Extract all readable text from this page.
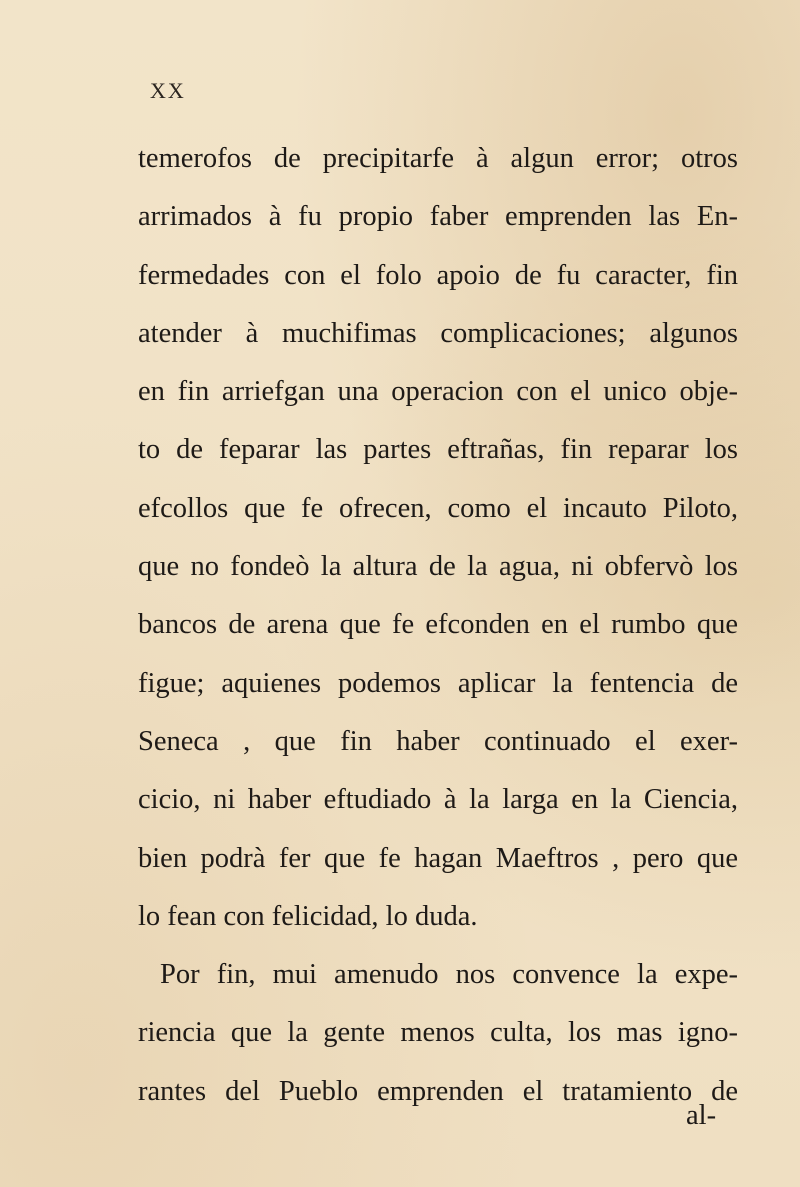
XX
temerofos de precipitarfe à algun error; otros
arrimados à fu propio faber emprenden las En-
fermedades con el folo apoio de fu caracter, fin
atender à muchifimas complicaciones; algunos
en fin arriefgan una operacion con el unico obje-
to de feparar las partes eftrañas, fin reparar los
efcollos que fe ofrecen, como el incauto Piloto,
que no fondeò la altura de la agua, ni obfervò los
bancos de arena que fe efconden en el rumbo que
figue; aquienes podemos aplicar la fentencia de
Seneca , que fin haber continuado el exer-
cicio, ni haber eftudiado à la larga en la Ciencia,
bien podrà fer que fe hagan Maeftros , pero que
lo fean con felicidad, lo duda.
Por fin, mui amenudo nos convence la expe-
riencia que la gente menos culta, los mas igno-
rantes del Pueblo emprenden el tratamiento de
al-
